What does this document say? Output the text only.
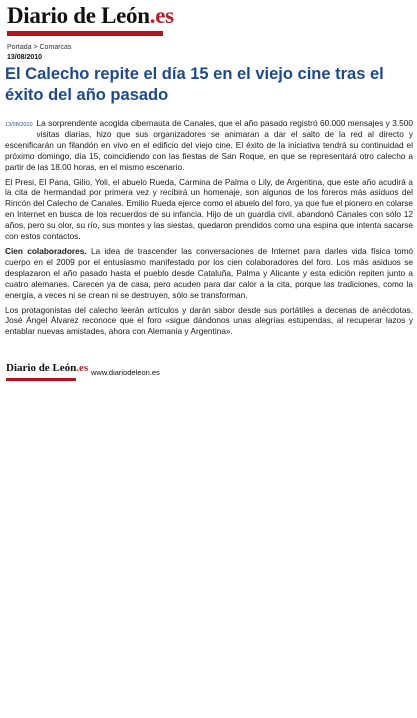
Diario de León.es
Portada > Comarcas
13/08/2010
El Calecho repite el día 15 en el viejo cine tras el éxito del año pasado

13/08/2010 La sorprendente acogida cibernauta de Canales, que el año pasado registró 60.000 mensajes y 3.500 visitas diarias, hizo que sus organizadores se animaran a dar el salto de la red al directo y escenificarán un filandón en vivo en el edificio del viejo cine. El éxito de la iniciativa tendrá su continuidad el próximo domingo, día 15, coincidiendo con las fiestas de San Roque, en que se representará otro calecho a partir de las 18.00 horas, en el mismo escenario.

El Presi, El Pana, Gilio, Yoli, el abuelo Rueda, Carmina de Palma o Lily, de Argentina, que este año acudirá a la cita de hermandad por primera vez y recibirá un homenaje, son algunos de los foreros más asiduos del Rincón del Calecho de Canales. Emilio Rueda ejerce como el abuelo del foro, ya que fue el pionero en colarse en Internet en busca de los recuerdos de su infancia. Hijo de un guardia civil, abandonó Canales con sólo 12 años, pero su olor, su río, sus montes y las siestas, quedaron prendidos como una espina que intenta sacarse con estos contactos.

Cien colaboradores. La idea de trascender las conversaciones de Internet para darles vida física tomó cuerpo en el 2009 por el entusiasmo manifestado por los cien colaboradores del foro. Los más asiduos se desplazaron el año pasado hasta el pueblo desde Cataluña, Palma y Alicante y esta edición repiten junto a cuatro alemanes. Carecen ya de casa, pero acuden para dar calor a la cita, porque las tradiciones, como la energía, a veces ni se crean ni se destruyen, sólo se transforman.

Los protagonistas del calecho leerán artículos y darán sabor desde sus portátiles a decenas de anécdotas. José Ángel Álvarez reconoce que el foro «sigue dándonos unas alegrías estupendas, al recuperar lazos y entablar nuevas amistades, ahora con Alemania y Argentina».

Diario de León.es www.diariodeleon.es
